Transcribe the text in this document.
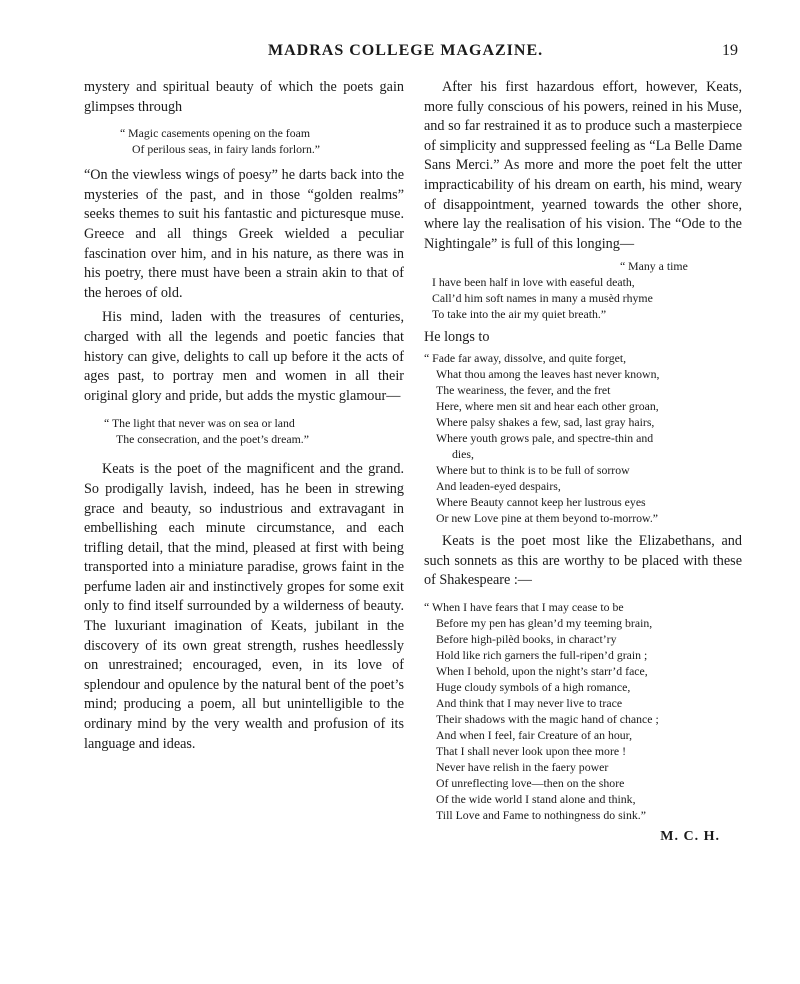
MADRAS COLLEGE MAGAZINE.	19

mystery and spiritual beauty of which the poets gain glimpses through

“ Magic casements opening on the foam
Of perilous seas, in fairy lands forlorn.”

“On the viewless wings of poesy” he darts back into the mysteries of the past, and in those “golden realms” seeks themes to suit his fantastic and picturesque muse. Greece and all things Greek wielded a peculiar fascination over him, and in his nature, as there was in his poetry, there must have been a strain akin to that of the heroes of old.

His mind, laden with the treasures of centuries, charged with all the legends and poetic fancies that history can give, delights to call up before it the acts of ages past, to portray men and women in all their original glory and pride, but adds the mystic glamour—

“ The light that never was on sea or land
The consecration, and the poet’s dream.”

Keats is the poet of the magnificent and the grand. So prodigally lavish, indeed, has he been in strewing grace and beauty, so industrious and extravagant in embellishing each minute circumstance, and each trifling detail, that the mind, pleased at first with being transported into a miniature paradise, grows faint in the perfume laden air and instinctively gropes for some exit only to find itself surrounded by a wilderness of beauty. The luxuriant imagination of Keats, jubilant in the discovery of its own great strength, rushes heedlessly on unrestrained; encouraged, even, in its love of splendour and opulence by the natural bent of the poet’s mind; producing a poem, all but unintelligible to the ordinary mind by the very wealth and profusion of its language and ideas.

After his first hazardous effort, however, Keats, more fully conscious of his powers, reined in his Muse, and so far restrained it as to produce such a masterpiece of simplicity and suppressed feeling as “La Belle Dame Sans Merci.” As more and more the poet felt the utter impracticability of his dream on earth, his mind, weary of disappointment, yearned towards the other shore, where lay the realisation of his vision. The “Ode to the Nightingale” is full of this longing—

“ Many a time
I have been half in love with easeful death,
Call’d him soft names in many a musèd rhyme
To take into the air my quiet breath.”

He longs to

“ Fade far away, dissolve, and quite forget,
What thou among the leaves hast never known,
The weariness, the fever, and the fret
Here, where men sit and hear each other groan,
Where palsy shakes a few, sad, last gray hairs,
Where youth grows pale, and spectre-thin and
dies,
Where but to think is to be full of sorrow
And leaden-eyed despairs,
Where Beauty cannot keep her lustrous eyes
Or new Love pine at them beyond to-morrow.”

Keats is the poet most like the Elizabethans, and such sonnets as this are worthy to be placed with these of Shakespeare :—

“ When I have fears that I may cease to be
Before my pen has glean’d my teeming brain,
Before high-pilèd books, in charact’ry
Hold like rich garners the full-ripen’d grain ;
When I behold, upon the night’s starr’d face,
Huge cloudy symbols of a high romance,
And think that I may never live to trace
Their shadows with the magic hand of chance ;
And when I feel, fair Creature of an hour,
That I shall never look upon thee more !
Never have relish in the faery power
Of unreflecting love—then on the shore
Of the wide world I stand alone and think,
Till Love and Fame to nothingness do sink.”
M. C. H.
